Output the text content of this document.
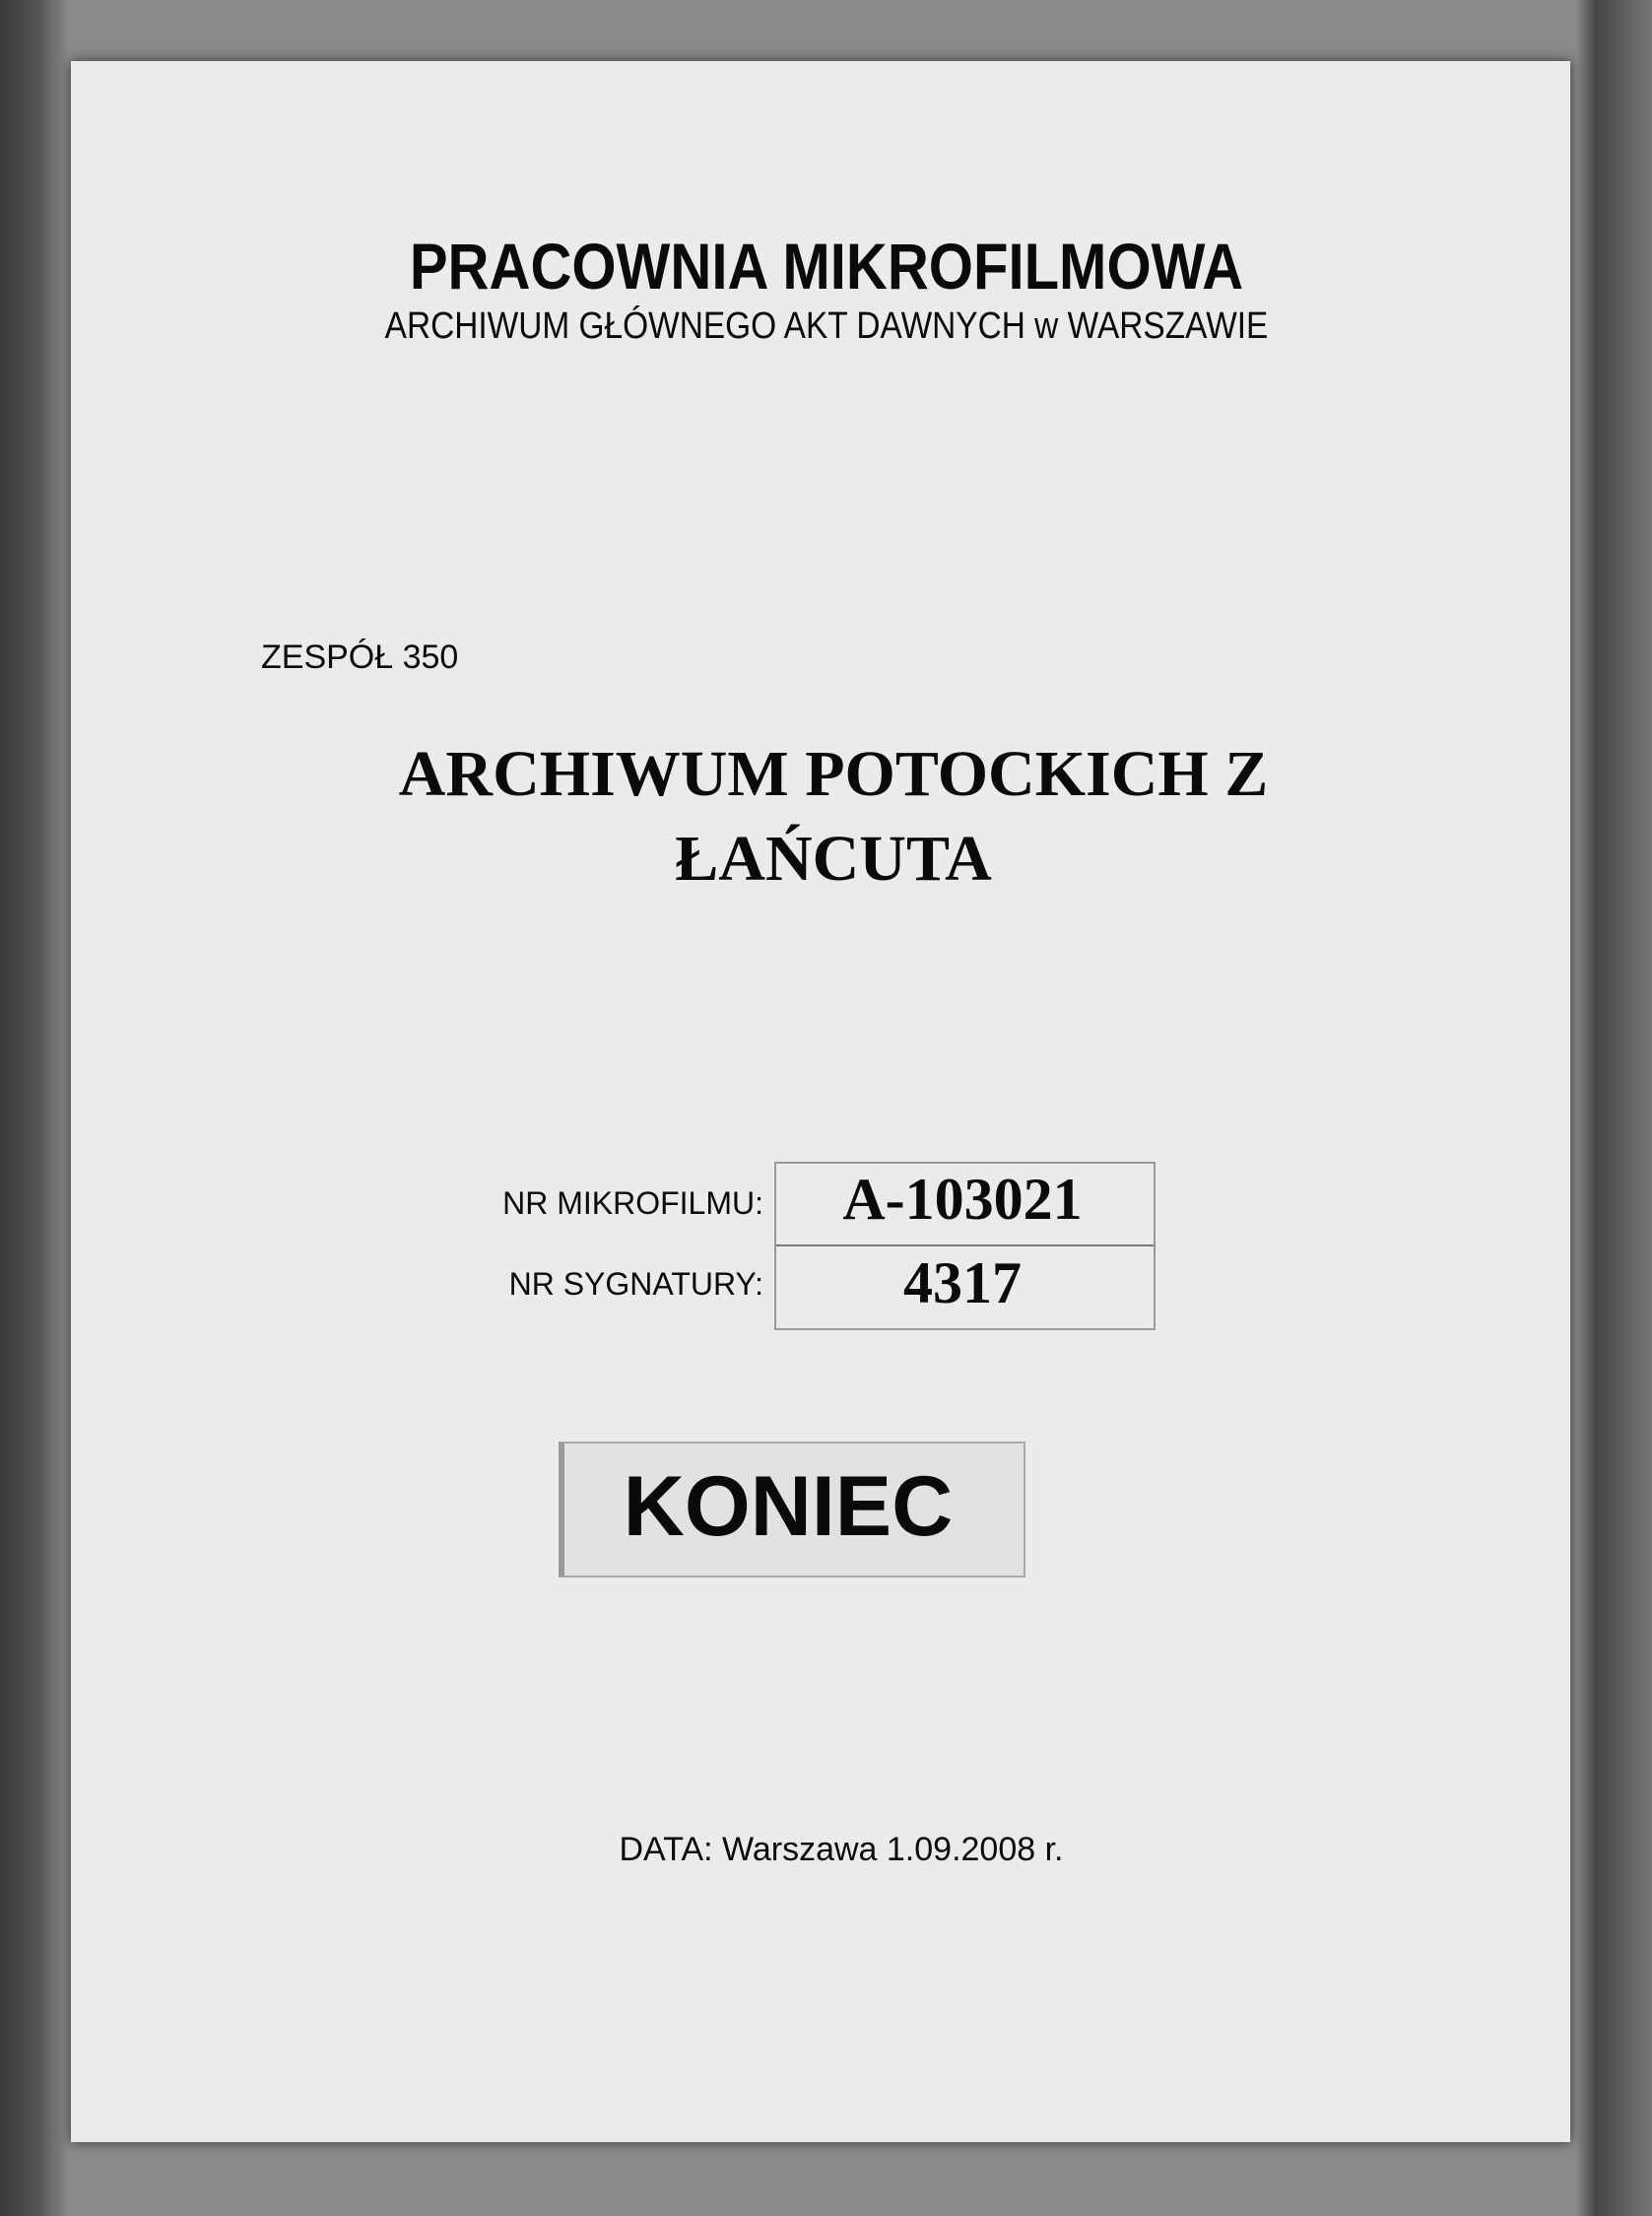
PRACOWNIA MIKROFILMOWA
ARCHIWUM GŁÓWNEGO AKT DAWNYCH w WARSZAWIE
ZESPÓŁ 350
ARCHIWUM POTOCKICH Z
ŁAŃCUTA
NR MIKROFILMU:
NR SYGNATURY:
A-103021
4317
KONIEC
DATA: Warszawa 1.09.2008 r.
